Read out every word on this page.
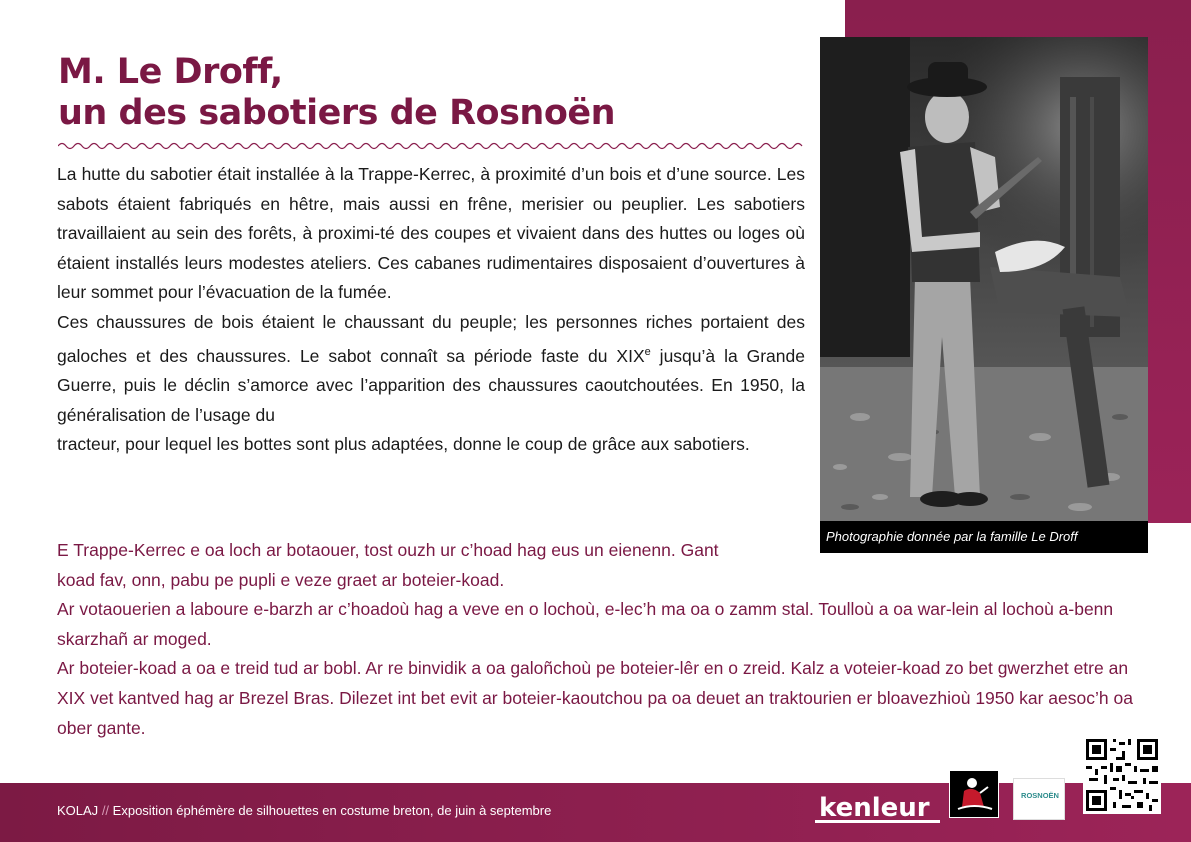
M. Le Droff,
un des sabotiers de Rosnoën

La hutte du sabotier était installée à la Trappe-Kerrec, à proximité d’un bois et d’une source. Les sabots étaient fabriqués en hêtre, mais aussi en frêne, merisier ou peuplier. Les sabotiers travaillaient au sein des forêts, à proximi-té des coupes et vivaient dans des huttes ou loges où étaient installés leurs modestes ateliers. Ces cabanes rudimentaires disposaient d’ouvertures à leur sommet pour l’évacuation de la fumée.

Ces chaussures de bois étaient le chaussant du peuple; les personnes riches portaient des galoches et des chaussures. Le sabot connaît sa période faste du XIXe jusqu’à la Grande Guerre, puis le déclin s’amorce avec l’apparition des chaussures caoutchoutées. En 1950, la généralisation de l’usage du

tracteur, pour lequel les bottes sont plus adaptées, donne le coup de grâce aux sabotiers.

Photographie donnée par la famille Le Droff

E Trappe-Kerrec e oa loch ar botaouer, tost ouzh ur c’hoad hag eus un eienenn. Gant koad fav, onn, pabu pe pupli e veze graet ar boteier-koad.

Ar votaouerien a laboure e-barzh ar c’hoadoù hag a veve en o lochoù, e-lec’h ma oa o zamm stal. Toulloù a oa war-lein al lochoù a-benn skarzhañ ar moged.

Ar boteier-koad a oa e treid tud ar bobl. Ar re binvidik a oa galoñchoù pe boteier-lêr en o zreid. Kalz a voteier-koad zo bet gwerzhet etre an XIX vet kantved hag ar Brezel Bras. Dilezet int bet evit ar boteier-kaoutchou pa oa deuet an traktourien er bloavezhioù 1950 kar aesoc’h oa ober gante.

KOLAJ // Exposition éphémère de silhouettes en costume breton, de juin à septembre	kenleur	ROSNOËN
